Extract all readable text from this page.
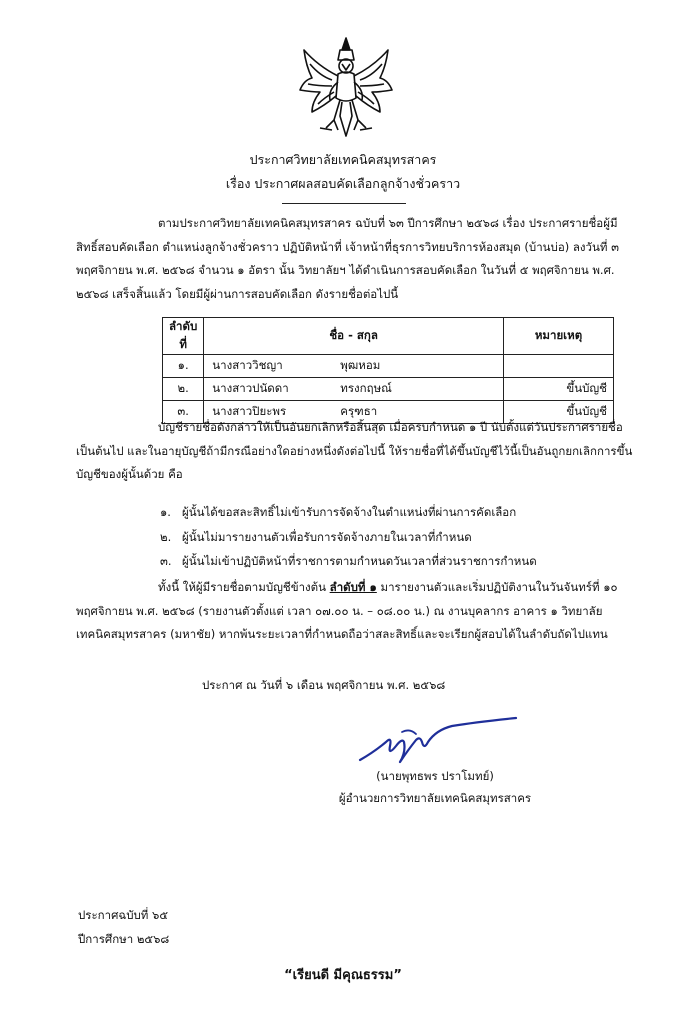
ประกาศวิทยาลัยเทคนิคสมุทรสาคร
เรื่อง ประกาศผลสอบคัดเลือกลูกจ้างชั่วคราว
ตามประกาศวิทยาลัยเทคนิคสมุทรสาคร ฉบับที่ ๖๓ ปีการศึกษา ๒๕๖๘ เรื่อง ประกาศรายชื่อผู้มีสิทธิ์สอบคัดเลือก ตำแหน่งลูกจ้างชั่วคราว ปฏิบัติหน้าที่ เจ้าหน้าที่ธุรการวิทยบริการห้องสมุด (บ้านบ่อ) ลงวันที่ ๓ พฤศจิกายน พ.ศ. ๒๕๖๘ จำนวน ๑ อัตรา นั้น วิทยาลัยฯ ได้ดำเนินการสอบคัดเลือก ในวันที่ ๕ พฤศจิกายน พ.ศ. ๒๕๖๘ เสร็จสิ้นแล้ว โดยมีผู้ผ่านการสอบคัดเลือก ดังรายชื่อต่อไปนี้
ลำดับที่	ชื่อ - สกุล	หมายเหตุ
๑.	นางสาววิชญา พุฒหอม	
๒.	นางสาวปนัดดา ทรงกฤษณ์	ขึ้นบัญชี
๓.	นางสาวปิยะพร ครุฑธา	ขึ้นบัญชี
บัญชีรายชื่อดังกล่าวให้เป็นอันยกเลิกหรือสิ้นสุด เมื่อครบกำหนด ๑ ปี นับตั้งแต่วันประกาศรายชื่อเป็นต้นไป และในอายุบัญชีถ้ามีกรณีอย่างใดอย่างหนึ่งดังต่อไปนี้ ให้รายชื่อที่ได้ขึ้นบัญชีไว้นี้เป็นอันถูกยกเลิกการขึ้นบัญชีของผู้นั้นด้วย คือ
๑. ผู้นั้นได้ขอสละสิทธิ์ไม่เข้ารับการจัดจ้างในตำแหน่งที่ผ่านการคัดเลือก
๒. ผู้นั้นไม่มารายงานตัวเพื่อรับการจัดจ้างภายในเวลาที่กำหนด
๓. ผู้นั้นไม่เข้าปฏิบัติหน้าที่ราชการตามกำหนดวันเวลาที่ส่วนราชการกำหนด
ทั้งนี้ ให้ผู้มีรายชื่อตามบัญชีข้างต้น ลำดับที่ ๑ มารายงานตัวและเริ่มปฏิบัติงานในวันจันทร์ที่ ๑๐ พฤศจิกายน พ.ศ. ๒๕๖๘ (รายงานตัวตั้งแต่ เวลา ๐๗.๐๐ น. – ๐๘.๐๐ น.) ณ งานบุคลากร อาคาร ๑ วิทยาลัยเทคนิคสมุทรสาคร (มหาชัย) หากพ้นระยะเวลาที่กำหนดถือว่าสละสิทธิ์และจะเรียกผู้สอบได้ในลำดับถัดไปแทน
ประกาศ ณ วันที่ ๖ เดือน พฤศจิกายน พ.ศ. ๒๕๖๘
(นายพุทธพร ปราโมทย์)
ผู้อำนวยการวิทยาลัยเทคนิคสมุทรสาคร
ประกาศฉบับที่ ๖๕
ปีการศึกษา ๒๕๖๘
“เรียนดี มีคุณธรรม”
